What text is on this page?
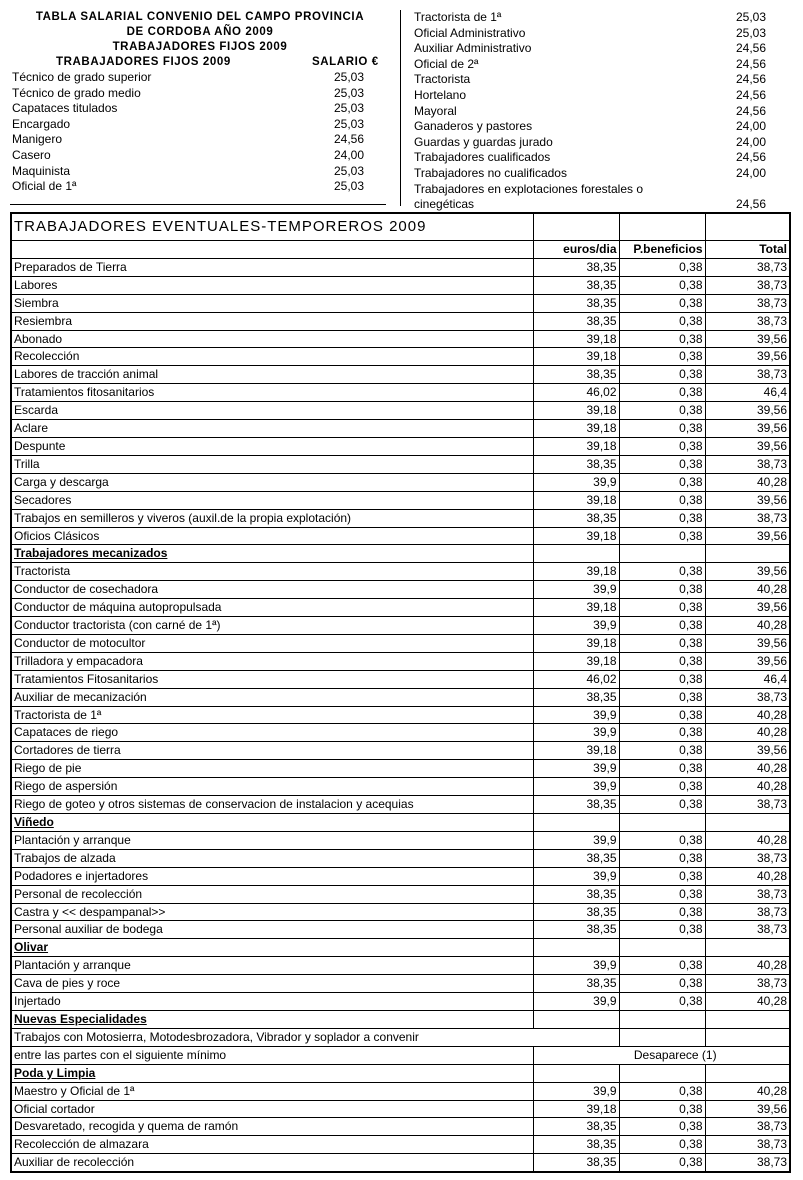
TABLA SALARIAL CONVENIO DEL CAMPO PROVINCIA
DE CORDOBA AÑO 2009
TRABAJADORES FIJOS 2009
TRABAJADORES FIJOS 2009	SALARIO €
Técnico de grado superior	25,03
Técnico de grado medio	25,03
Capataces titulados	25,03
Encargado	25,03
Manigero	24,56
Casero	24,00
Maquinista	25,03
Oficial de 1ª	25,03
Tractorista de 1ª	25,03
Oficial Administrativo	25,03
Auxiliar Administrativo	24,56
Oficial de 2ª	24,56
Tractorista	24,56
Hortelano	24,56
Mayoral	24,56
Ganaderos y pastores	24,00
Guardas y guardas jurado	24,00
Trabajadores cualificados	24,56
Trabajadores no cualificados	24,00
Trabajadores en explotaciones forestales o cinegéticas	24,56
TRABAJADORES EVENTUALES-TEMPOREROS 2009			
	euros/dia	P.beneficios	Total
Preparados de Tierra	38,35	0,38	38,73
Labores	38,35	0,38	38,73
Siembra	38,35	0,38	38,73
Resiembra	38,35	0,38	38,73
Abonado	39,18	0,38	39,56
Recolección	39,18	0,38	39,56
Labores de tracción animal	38,35	0,38	38,73
Tratamientos fitosanitarios	46,02	0,38	46,4
Escarda	39,18	0,38	39,56
Aclare	39,18	0,38	39,56
Despunte	39,18	0,38	39,56
Trilla	38,35	0,38	38,73
Carga y descarga	39,9	0,38	40,28
Secadores	39,18	0,38	39,56
Trabajos en semilleros y viveros (auxil.de la propia explotación)	38,35	0,38	38,73
Oficios Clásicos	39,18	0,38	39,56
Trabajadores mecanizados			
Tractorista	39,18	0,38	39,56
Conductor de cosechadora	39,9	0,38	40,28
Conductor de máquina autopropulsada	39,18	0,38	39,56
Conductor tractorista (con carné de 1ª)	39,9	0,38	40,28
Conductor de motocultor	39,18	0,38	39,56
Trilladora y empacadora	39,18	0,38	39,56
Tratamientos Fitosanitarios	46,02	0,38	46,4
Auxiliar de mecanización	38,35	0,38	38,73
Tractorista de 1ª	39,9	0,38	40,28
Capataces de riego	39,9	0,38	40,28
Cortadores de tierra	39,18	0,38	39,56
Riego de pie	39,9	0,38	40,28
Riego de aspersión	39,9	0,38	40,28
Riego de goteo y otros sistemas de conservacion de instalacion y acequias	38,35	0,38	38,73
Viñedo			
Plantación y arranque	39,9	0,38	40,28
Trabajos de alzada	38,35	0,38	38,73
Podadores e injertadores	39,9	0,38	40,28
Personal de recolección	38,35	0,38	38,73
Castra y << despampanal>>	38,35	0,38	38,73
Personal auxiliar de bodega	38,35	0,38	38,73
Olivar			
Plantación y arranque	39,9	0,38	40,28
Cava de pies y roce	38,35	0,38	38,73
Injertado	39,9	0,38	40,28
Nuevas Especialidades			
Trabajos con Motosierra, Motodesbrozadora, Vibrador y soplador a convenir			
entre las partes con el siguiente mínimo	Desaparece (1)		
Poda y Limpia			
Maestro y Oficial de 1ª	39,9	0,38	40,28
Oficial cortador	39,18	0,38	39,56
Desvaretado, recogida y quema de ramón	38,35	0,38	38,73
Recolección de almazara	38,35	0,38	38,73
Auxiliar de recolección	38,35	0,38	38,73
